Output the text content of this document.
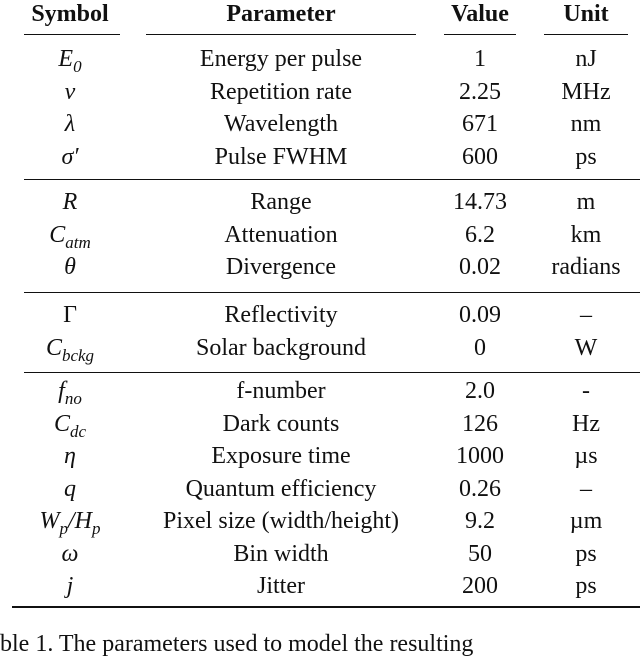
Symbol	Parameter	Value	Unit
$E_0$	Energy per pulse	1	nJ
ν	Repetition rate	2.25	MHz
λ	Wavelength	671	nm
σ′	Pulse FWHM	600	ps
R	Range	14.73	m
$C_{atm}$	Attenuation	6.2	km
θ	Divergence	0.02	radians
Γ	Reflectivity	0.09	–
$C_{bckg}$	Solar background	0	W
$f_{no}$	f-number	2.0	-
$C_{dc}$	Dark counts	126	Hz
η	Exposure time	1000	µs
q	Quantum efficiency	0.26	–
$W_p/H_p$	Pixel size (width/height)	9.2	µm
ω	Bin width	50	ps
j	Jitter	200	ps
ble 1. The parameters used to model the resulting
